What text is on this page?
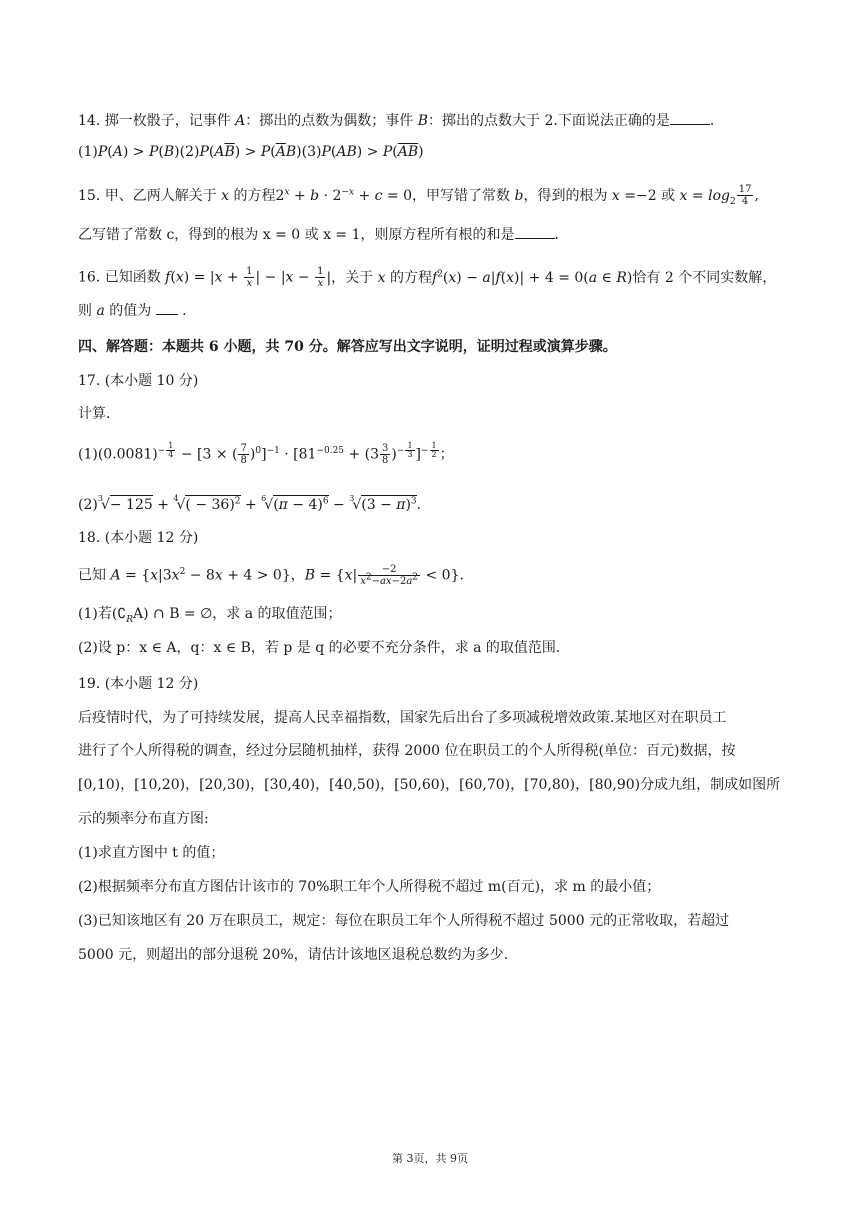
14. 掷一枚骰子，记事件 A：掷出的点数为偶数；事件 B：掷出的点数大于 2.下面说法正确的是	.
$(1)P(A) > P(B)(2)P(A\overline{B}) > P(\overline{A}B)(3)P(AB) > P(\overline{AB})$
15. 甲、乙两人解关于 x 的方程$2^x + b \cdot 2^{-x} + c = 0$，甲写错了常数 b，得到的根为 x =−2 或 $x = \log_2 \frac{17}{4}$ ,
乙写错了常数 c，得到的根为 x = 0 或 x = 1，则原方程所有根的和是	.
16. 已知函数 $f(x) = |x + \frac{1}{x}$ | − $|x - \frac{1}{x}$ |，关于 x 的方程$f^2(x) - a|f(x)| + 4 = 0(a$ ∈ R)恰有 2 个不同实数解，
则 a 的值为  .
四、解答题：本题共 6 小题，共 70 分。解答应写出文字说明，证明过程或演算步骤。
17. (本小题 10 分)
计算.
$(1)(0.0081)^{- \frac{1}{4}} - [3$ × ( $\frac{7}{8} )^0]^{-1} \cdot [81^{-0.25} + (3 \frac{3}{8} )^{- \frac{1}{3}}$ ]$^{- \frac{1}{2}}$ ；
$(2)^3√- 125 + ^4√( - 36)^2 + ^6√(\pi - 4)^6 - ^3√(3 - \pi)^3$.
18. (本小题 12 分)
已知 $A = \{x|3x^2 - 8x + 4 > 0\}$，$B = \{x| \frac{-2}{x^2-ax-2a^2} < 0\}$.
(1)若$(∁_RA)$ ∩ B = ∅，求 a 的取值范围；
(2)设 p：x ∈ A，q：x ∈ B，若 p 是 q 的必要不充分条件，求 a 的取值范围.
19. (本小题 12 分)
后疫情时代，为了可持续发展，提高人民幸福指数，国家先后出台了多项减税增效政策.某地区对在职员工
进行了个人所得税的调查，经过分层随机抽样，获得 2000 位在职员工的个人所得税(单位：百元)数据，按
[0,10)，[10,20)，[20,30)，[30,40)，[40,50)，[50,60)，[60,70)，[70,80)，[80,90)分成九组，制成如图所
示的频率分布直方图:
(1)求直方图中 t 的值；
(2)根据频率分布直方图估计该市的 70%职工年个人所得税不超过 m(百元)，求 m 的最小值；
(3)已知该地区有 20 万在职员工，规定：每位在职员工年个人所得税不超过 5000 元的正常收取，若超过
5000 元，则超出的部分退税 20%，请估计该地区退税总数约为多少.
第 3页，共 9页
